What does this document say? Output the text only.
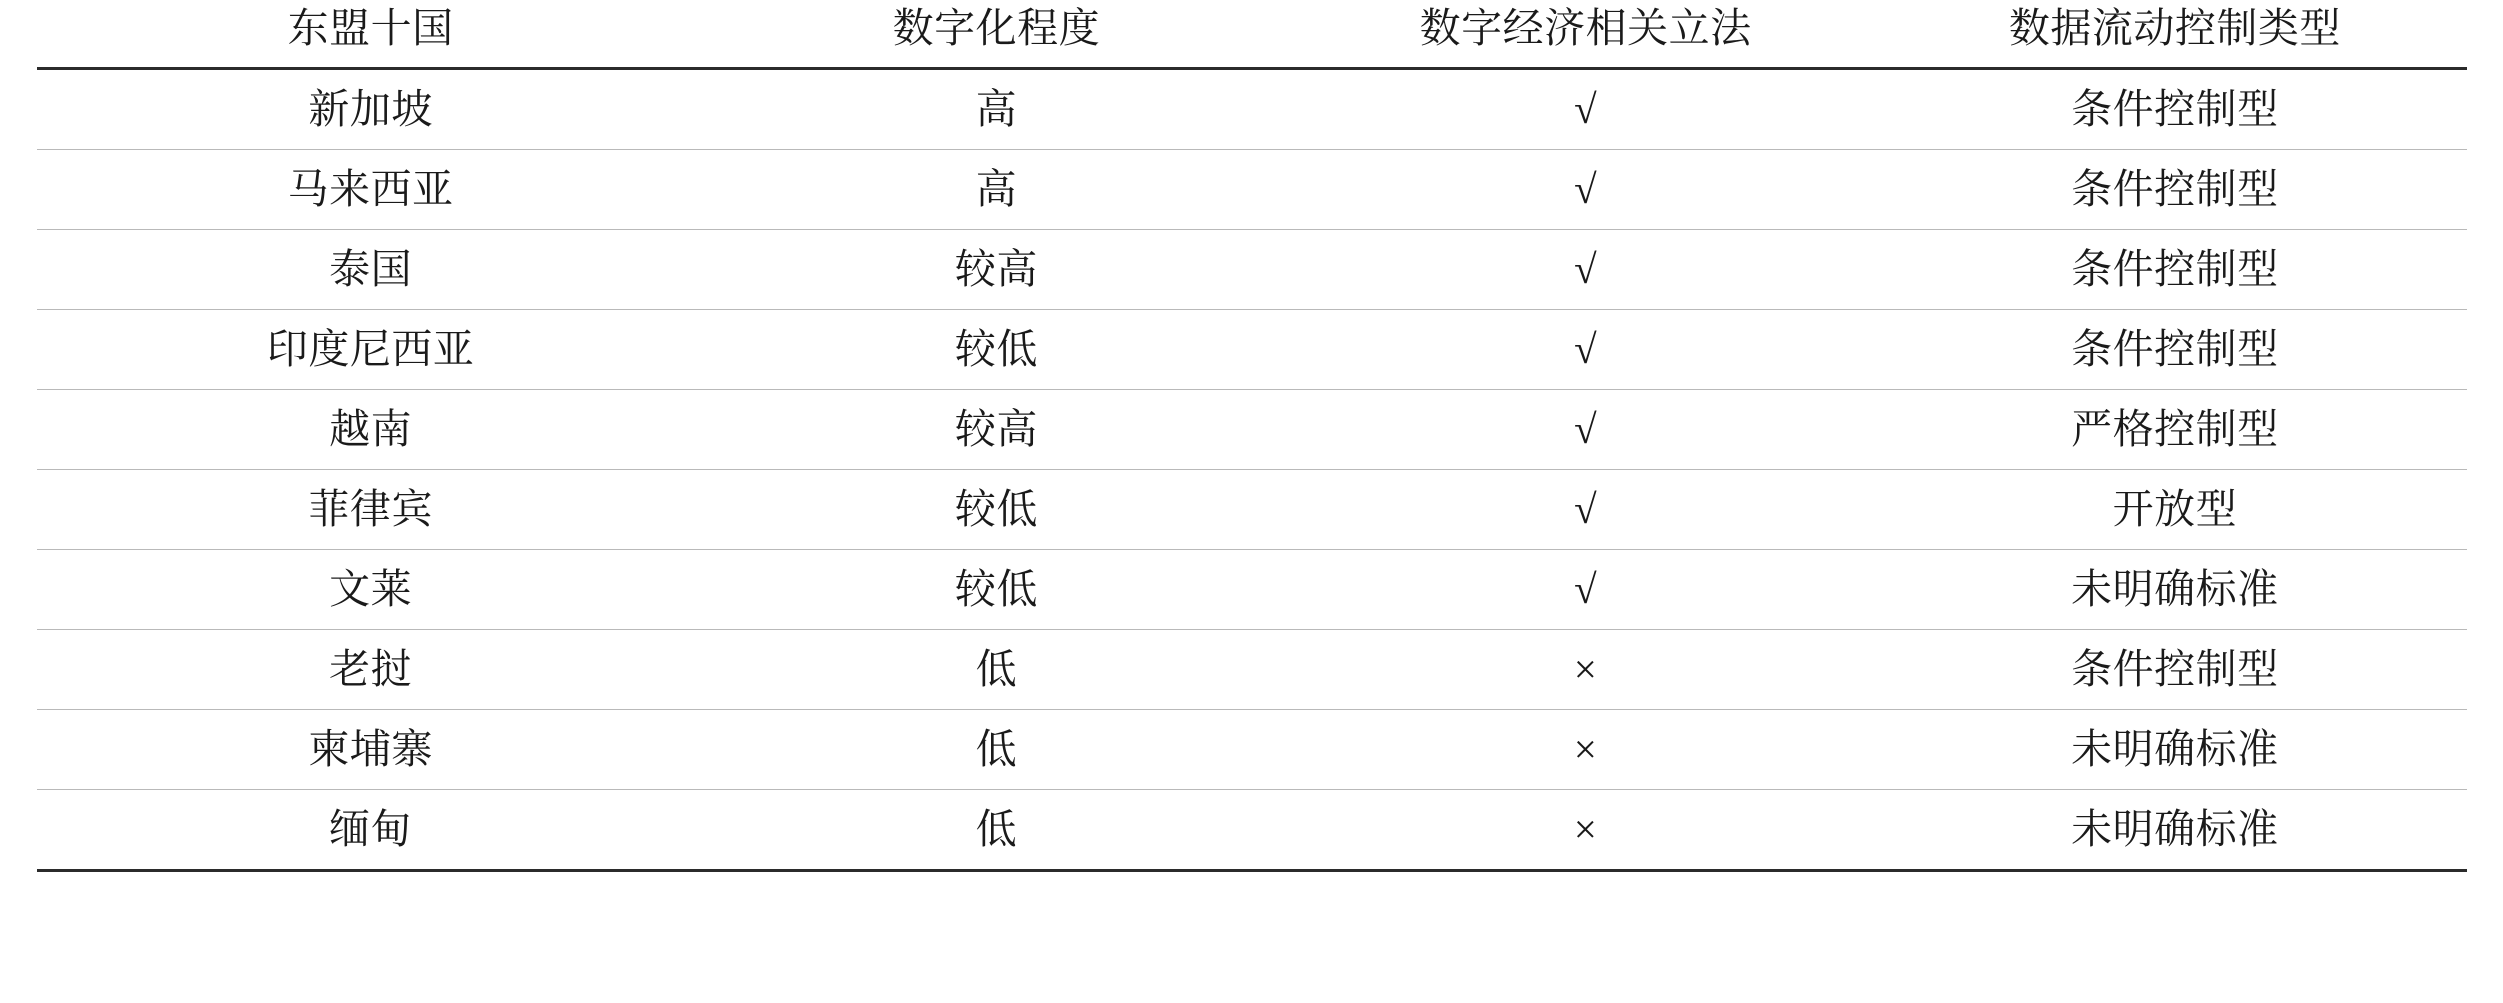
东盟十国	数字化程度	数字经济相关立法	数据流动控制类型
新加坡	高	√	条件控制型
马来西亚	高	√	条件控制型
泰国	较高	√	条件控制型
印度尼西亚	较低	√	条件控制型
越南	较高	√	严格控制型
菲律宾	较低	√	开放型
文莱	较低	√	未明确标准
老挝	低	×	条件控制型
柬埔寨	低	×	未明确标准
缅甸	低	×	未明确标准
